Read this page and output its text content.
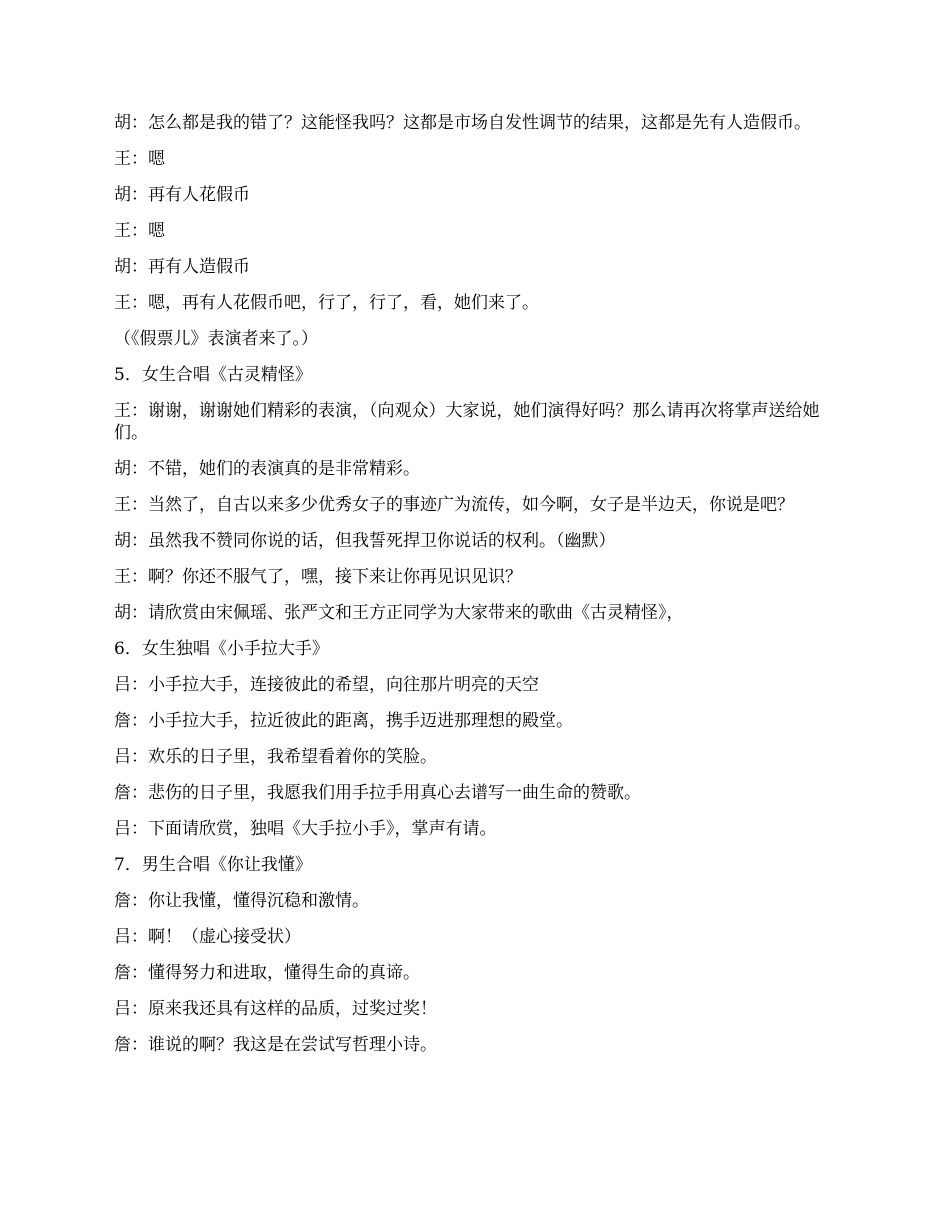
胡：怎么都是我的错了？这能怪我吗？这都是市场自发性调节的结果，这都是先有人造假币。

王：嗯

胡：再有人花假币

王：嗯

胡：再有人造假币

王：嗯，再有人花假币吧，行了，行了，看，她们来了。

（《假票儿》表演者来了。）

5．女生合唱《古灵精怪》

王：谢谢，谢谢她们精彩的表演，（向观众）大家说，她们演得好吗？那么请再次将掌声送给她们。

胡：不错，她们的表演真的是非常精彩。

王：当然了，自古以来多少优秀女子的事迹广为流传，如今啊，女子是半边天，你说是吧？

胡：虽然我不赞同你说的话，但我誓死捍卫你说话的权利。（幽默）

王：啊？你还不服气了，嘿，接下来让你再见识见识？

胡：请欣赏由宋佩瑶、张严文和王方正同学为大家带来的歌曲《古灵精怪》，

6．女生独唱《小手拉大手》

吕：小手拉大手，连接彼此的希望，向往那片明亮的天空

詹：小手拉大手，拉近彼此的距离，携手迈进那理想的殿堂。

吕：欢乐的日子里，我希望看着你的笑脸。

詹：悲伤的日子里，我愿我们用手拉手用真心去谱写一曲生命的赞歌。

吕：下面请欣赏，独唱《大手拉小手》，掌声有请。

7．男生合唱《你让我懂》

詹：你让我懂，懂得沉稳和激情。

吕：啊！（虚心接受状）

詹：懂得努力和进取，懂得生命的真谛。

吕：原来我还具有这样的品质，过奖过奖！

詹：谁说的啊？我这是在尝试写哲理小诗。
